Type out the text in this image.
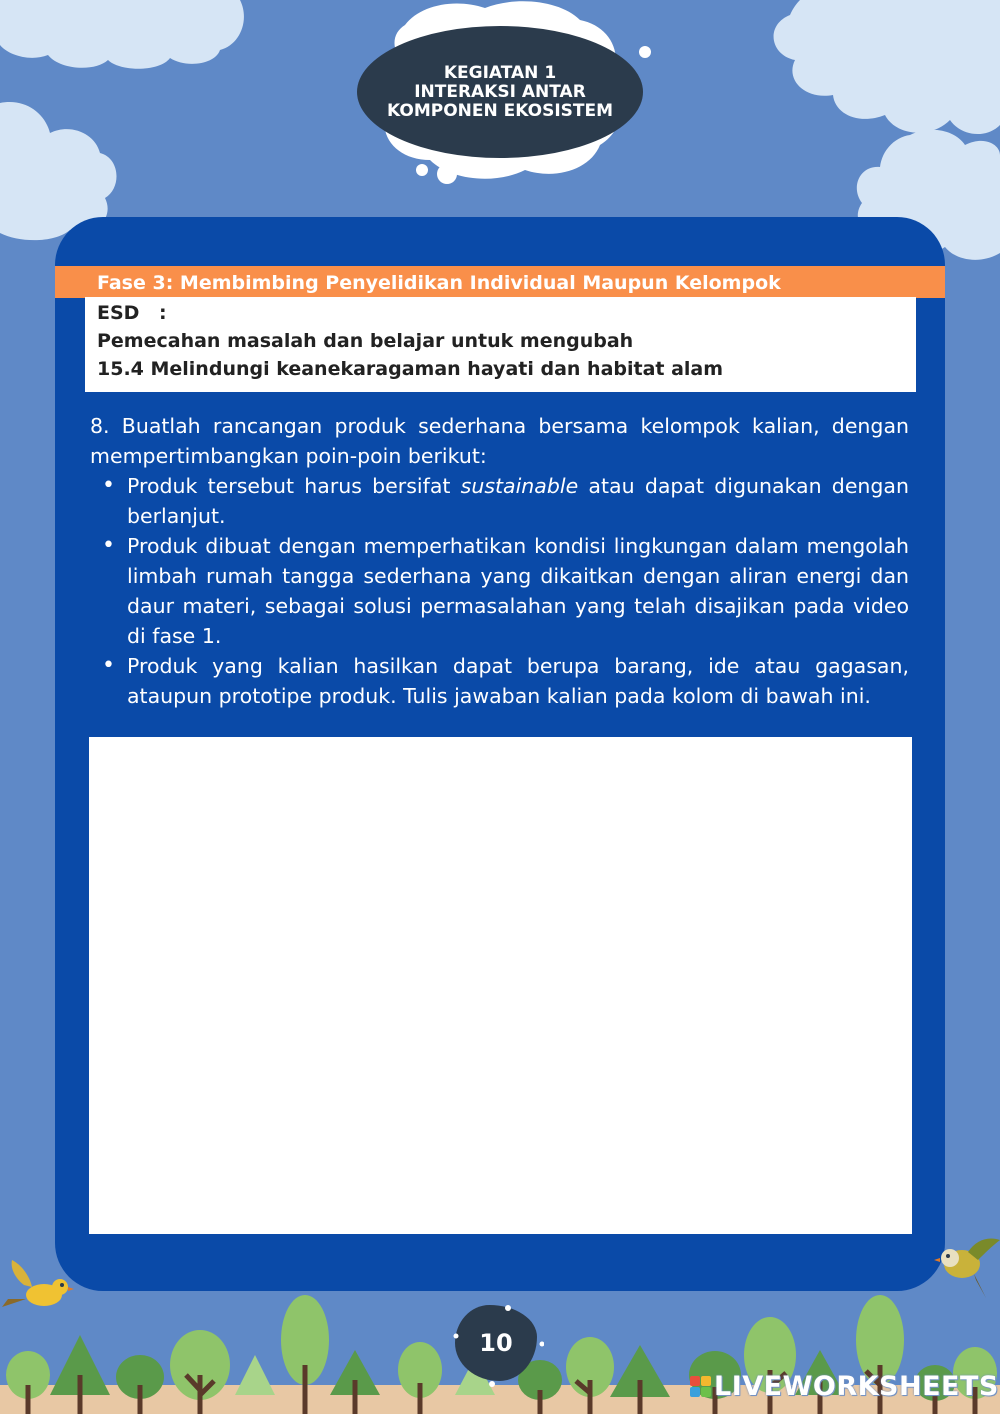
KEGIATAN 1
INTERAKSI ANTAR
KOMPONEN EKOSISTEM
Fase 3: Membimbing Penyelidikan Individual Maupun Kelompok
ESD :
Pemecahan masalah dan belajar untuk mengubah
15.4 Melindungi keanekaragaman hayati dan habitat alam

8. Buatlah rancangan produk sederhana bersama kelompok kalian, dengan mempertimbangkan poin-poin berikut:

• Produk tersebut harus bersifat sustainable atau dapat digunakan dengan berlanjut.
• Produk dibuat dengan memperhatikan kondisi lingkungan dalam mengolah limbah rumah tangga sederhana yang dikaitkan dengan aliran energi dan daur materi, sebagai solusi permasalahan yang telah disajikan pada video di fase 1.
• Produk yang kalian hasilkan dapat berupa barang, ide atau gagasan, ataupun prototipe produk. Tulis jawaban kalian pada kolom di bawah ini.
10
LIVEWORKSHEETS
